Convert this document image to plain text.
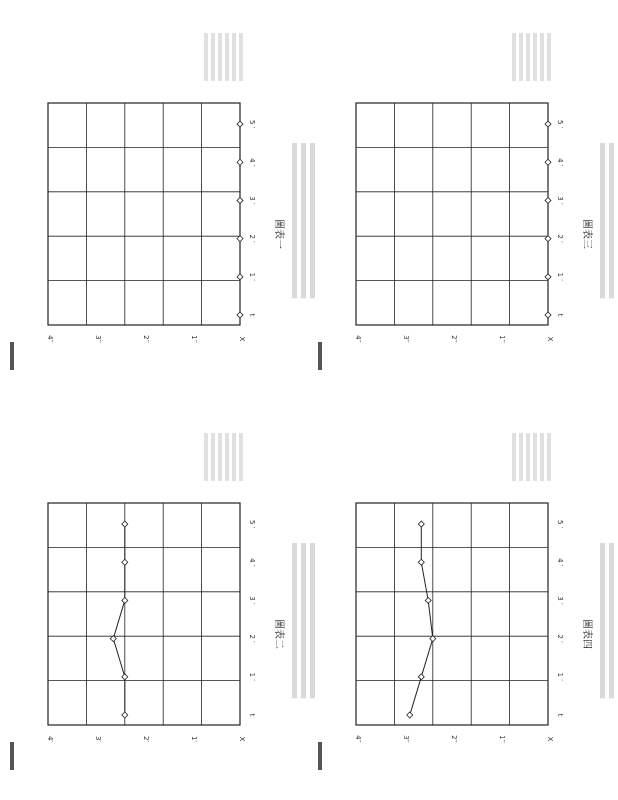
t
1 ′
2 ′
3 ′
4 ′
5 ′
X
1′
2′
3′
4′
圖表二
t
1 ′
2 ′
3 ′
4 ′
5 ′
X
1′′
2′′
3′′
4′′
圖表一
t
1 ′
2 ′
3 ′
4 ′
5 ′
X
1′′
2′′
3′′
4′′
圖表四
t
1 ′
2 ′
3 ′
4 ′
5 ′
X
1′′
2′′
3′′
4′′
圖表三
